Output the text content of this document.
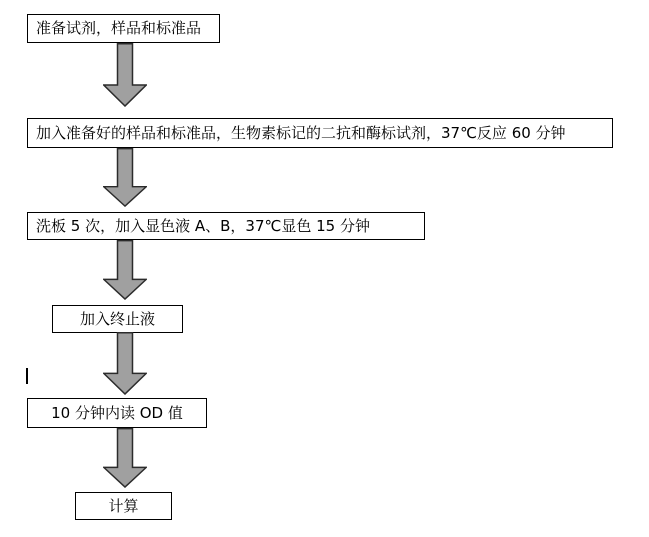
准备试剂，样品和标准品
加入准备好的样品和标准品，生物素标记的二抗和酶标试剂，37℃反应 60 分钟
洗板 5 次，加入显色液 A、B，37℃显色 15 分钟
加入终止液
10 分钟内读 OD 值
计算
